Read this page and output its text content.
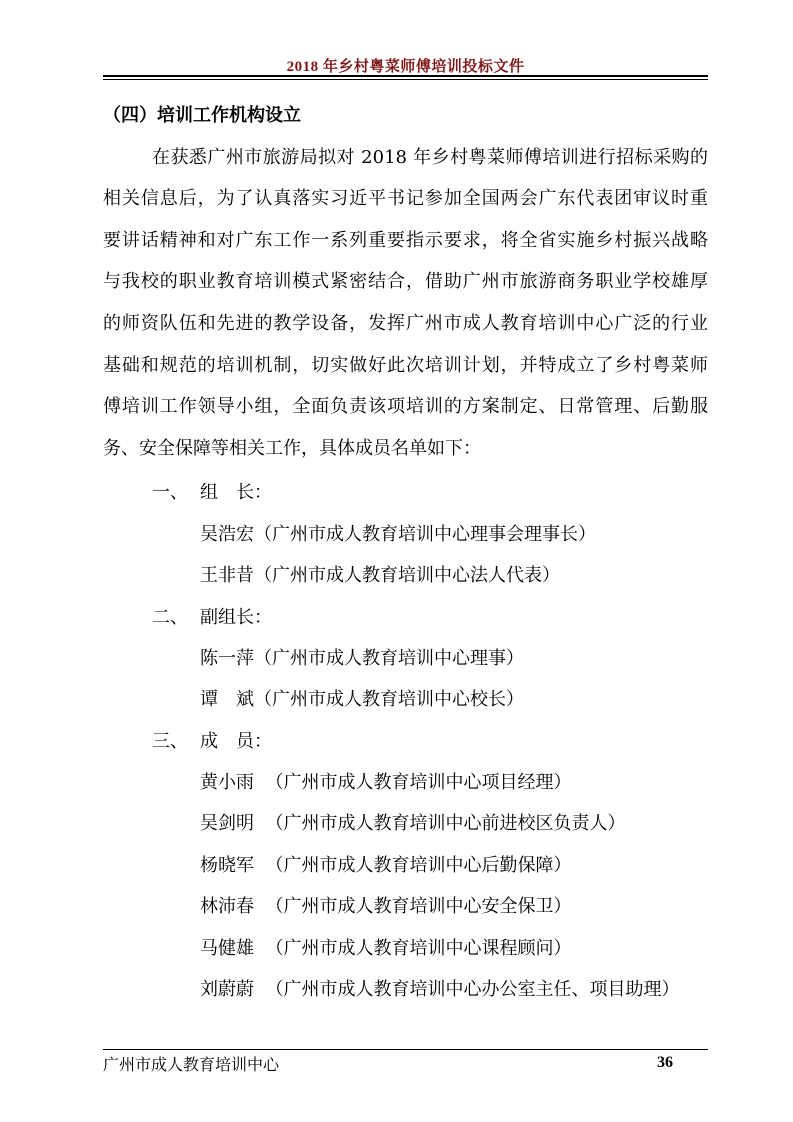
2018 年乡村粤菜师傅培训投标文件
（四）培训工作机构设立
在获悉广州市旅游局拟对 2018 年乡村粤菜师傅培训进行招标采购的
相关信息后，为了认真落实习近平书记参加全国两会广东代表团审议时重
要讲话精神和对广东工作一系列重要指示要求，将全省实施乡村振兴战略
与我校的职业教育培训模式紧密结合，借助广州市旅游商务职业学校雄厚
的师资队伍和先进的教学设备，发挥广州市成人教育培训中心广泛的行业
基础和规范的培训机制，切实做好此次培训计划，并特成立了乡村粤菜师
傅培训工作领导小组，全面负责该项培训的方案制定、日常管理、后勤服
务、安全保障等相关工作，具体成员名单如下：
一、 组　长：
吴浩宏（广州市成人教育培训中心理事会理事长）
王非昔（广州市成人教育培训中心法人代表）
二、 副组长：
陈一萍（广州市成人教育培训中心理事）
谭　斌（广州市成人教育培训中心校长）
三、 成　员：
黄小雨  （广州市成人教育培训中心项目经理）
吴剑明  （广州市成人教育培训中心前进校区负责人）
杨晓军  （广州市成人教育培训中心后勤保障）
林沛春  （广州市成人教育培训中心安全保卫）
马健雄  （广州市成人教育培训中心课程顾问）
刘蔚蔚  （广州市成人教育培训中心办公室主任、项目助理）
广州市成人教育培训中心	36
